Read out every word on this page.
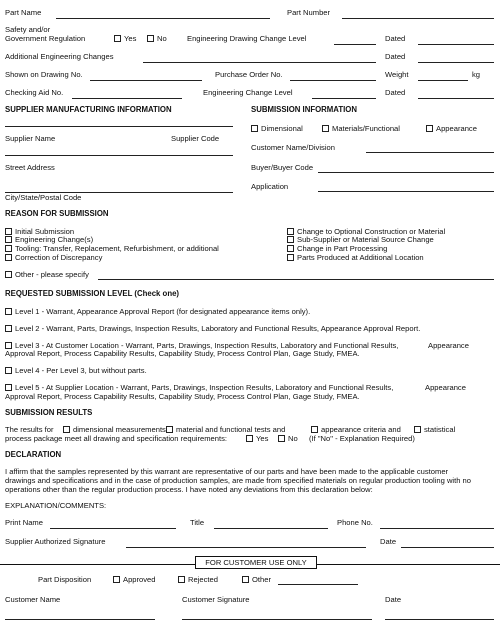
Part Name	Part Number
Safety and/or
Government Regulation	Yes	No	Engineering Drawing Change Level	Dated
Additional Engineering Changes	Dated
Shown on Drawing No.	Purchase Order No.	Weight	kg
Checking Aid No.	Engineering Change Level	Dated
SUPPLIER MANUFACTURING INFORMATION	SUBMISSION INFORMATION
Dimensional	Materials/Functional	Appearance
Supplier Name	Supplier Code
Customer Name/Division
Street Address	Buyer/Buyer Code
Application
City/State/Postal Code
REASON FOR SUBMISSION
Initial Submission
Engineering Change(s)
Tooling: Transfer, Replacement, Refurbishment, or additional
Correction of Discrepancy
Change to Optional Construction or Material
Sub-Supplier or Material Source Change
Change in Part Processing
Parts Produced at Additional Location
Other - please specify
REQUESTED SUBMISSION LEVEL (Check one)
Level 1 - Warrant, Appearance Approval Report (for designated appearance items only).
Level 2 - Warrant, Parts, Drawings, Inspection Results, Laboratory and Functional Results, Appearance Approval Report.
Level 3 - At Customer Location - Warrant, Parts, Drawings, Inspection Results, Laboratory and Functional Results,	Appearance
Approval Report, Process Capability Results, Capability Study, Process Control Plan, Gage Study, FMEA.
Level 4 - Per Level 3, but without parts.
Level 5 - At Supplier Location - Warrant, Parts, Drawings, Inspection Results, Laboratory and Functional Results,	Appearance
Approval Report, Process Capability Results, Capability Study, Process Control Plan, Gage Study, FMEA.
SUBMISSION RESULTS
The results for	dimensional measurements	material and functional tests and	appearance criteria and	statistical
process package meet all drawing and specification requirements:	Yes	No (If "No" - Explanation Required)
DECLARATION
I affirm that the samples represented by this warrant are representative of our parts and have been made to the applicable customer
drawings and specifications and in the case of production samples, are made from specified materials on regular production tooling with no
operations other than the regular production process. I have noted any deviations from this declaration below:
EXPLANATION/COMMENTS:
Print Name	Title	Phone No.
Supplier Authorized Signature	Date
FOR CUSTOMER USE ONLY
Part Disposition	Approved	Rejected	Other
Customer Name	Customer Signature	Date
